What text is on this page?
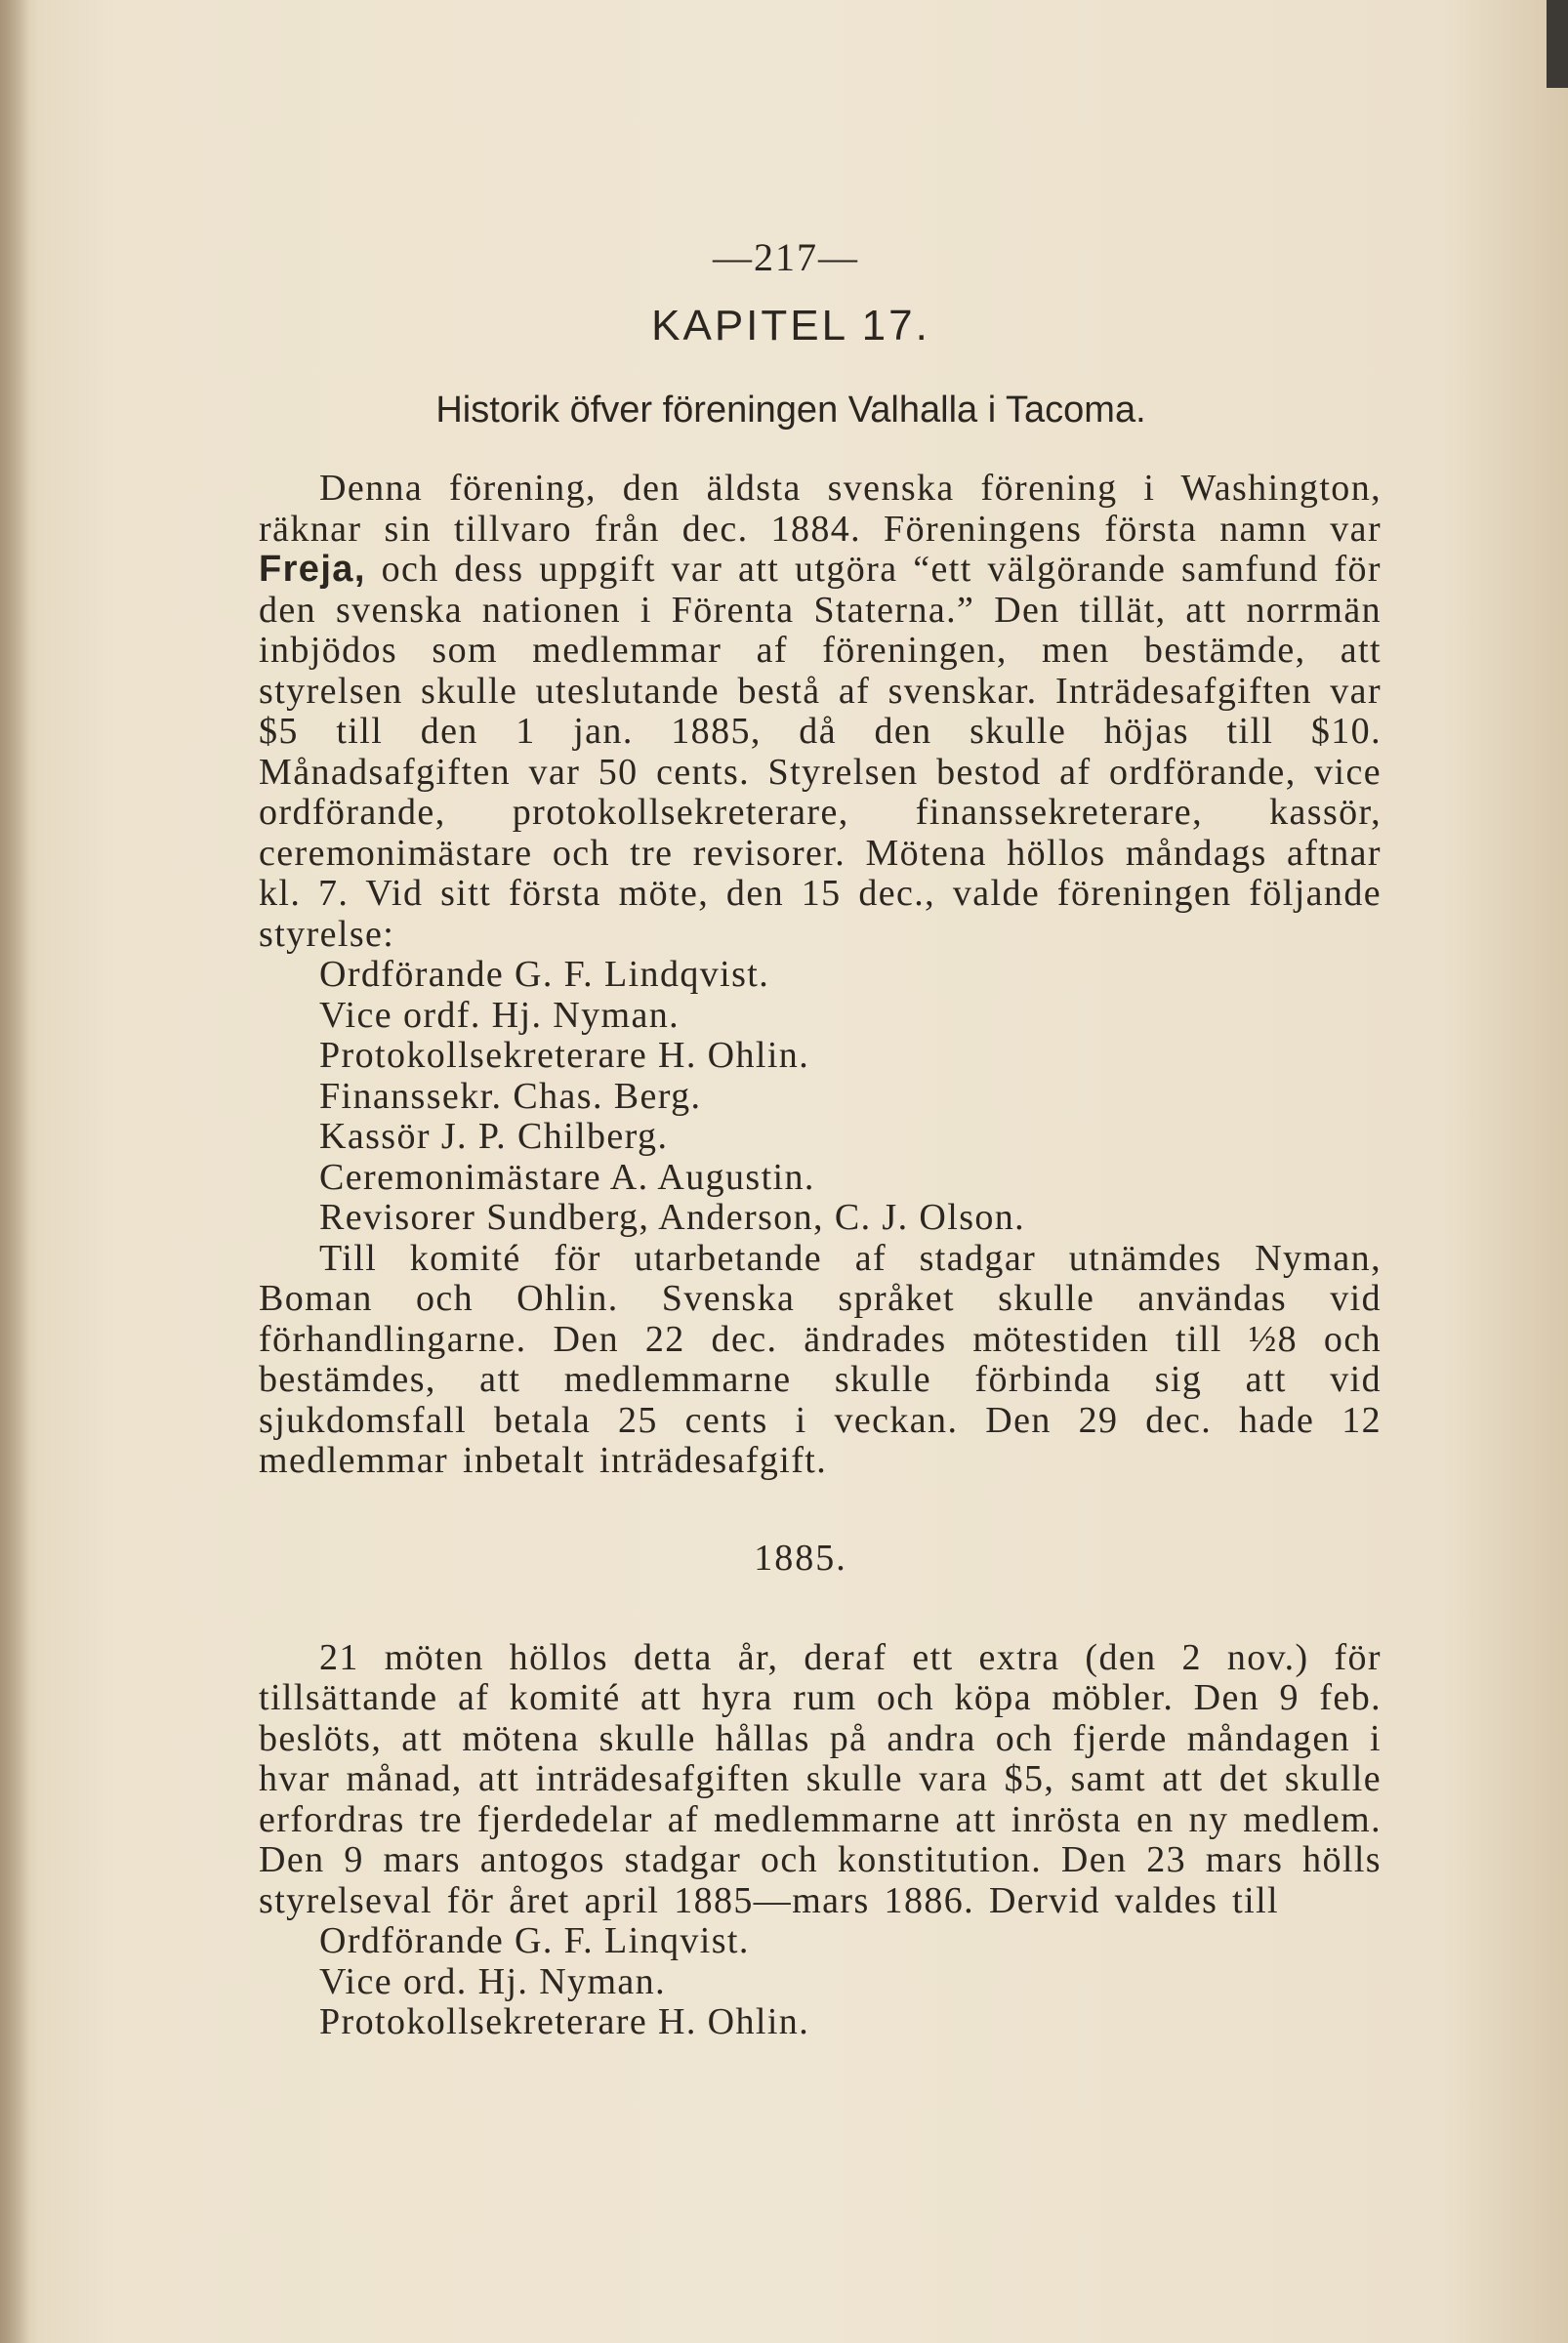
—217—
KAPITEL 17.
Historik öfver föreningen Valhalla i Tacoma.

Denna förening, den äldsta svenska förening i Washington, räknar sin tillvaro från dec. 1884. Föreningens första namn var Freja, och dess uppgift var att utgöra “ett välgörande samfund för den svenska nationen i Förenta Staterna.” Den tillät, att norrmän inbjödos som medlemmar af föreningen, men bestämde, att styrelsen skulle uteslutande bestå af svenskar. Inträdesafgiften var $5 till den 1 jan. 1885, då den skulle höjas till $10. Månadsafgiften var 50 cents. Styrelsen bestod af ordförande, vice ordförande, protokollsekreterare, finanssekreterare, kassör, ceremonimästare och tre revisorer. Mötena höllos måndags aftnar kl. 7. Vid sitt första möte, den 15 dec., valde föreningen följande styrelse:

Ordförande G. F. Lindqvist.
Vice ordf. Hj. Nyman.
Protokollsekreterare H. Ohlin.
Finanssekr. Chas. Berg.
Kassör J. P. Chilberg.
Ceremonimästare A. Augustin.
Revisorer Sundberg, Anderson, C. J. Olson.

Till komité för utarbetande af stadgar utnämdes Nyman, Boman och Ohlin. Svenska språket skulle användas vid förhandlingarne. Den 22 dec. ändrades mötestiden till ½8 och bestämdes, att medlemmarne skulle förbinda sig att vid sjukdomsfall betala 25 cents i veckan. Den 29 dec. hade 12 medlemmar inbetalt inträdesafgift.

1885.

21 möten höllos detta år, deraf ett extra (den 2 nov.) för tillsättande af komité att hyra rum och köpa möbler. Den 9 feb. beslöts, att mötena skulle hållas på andra och fjerde måndagen i hvar månad, att inträdesafgiften skulle vara $5, samt att det skulle erfordras tre fjerdedelar af medlemmarne att inrösta en ny medlem. Den 9 mars antogos stadgar och konstitution. Den 23 mars hölls styrelseval för året april 1885—mars 1886. Dervid valdes till

Ordförande G. F. Linqvist.
Vice ord. Hj. Nyman.
Protokollsekreterare H. Ohlin.
